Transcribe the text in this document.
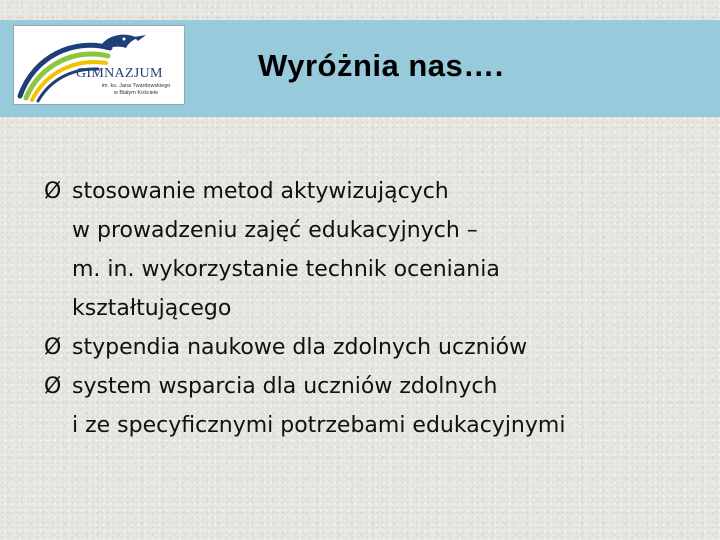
GIMNAZJUM
im. ks. Jana Twardowskiego
w Białym Kościele
Wyróżnia nas….
Ø stosowanie metod aktywizujących
w prowadzeniu zajęć edukacyjnych –
m. in. wykorzystanie technik oceniania
kształtującego
Ø stypendia naukowe dla zdolnych uczniów
Ø system wsparcia dla uczniów zdolnych
i ze specyficznymi potrzebami edukacyjnymi
